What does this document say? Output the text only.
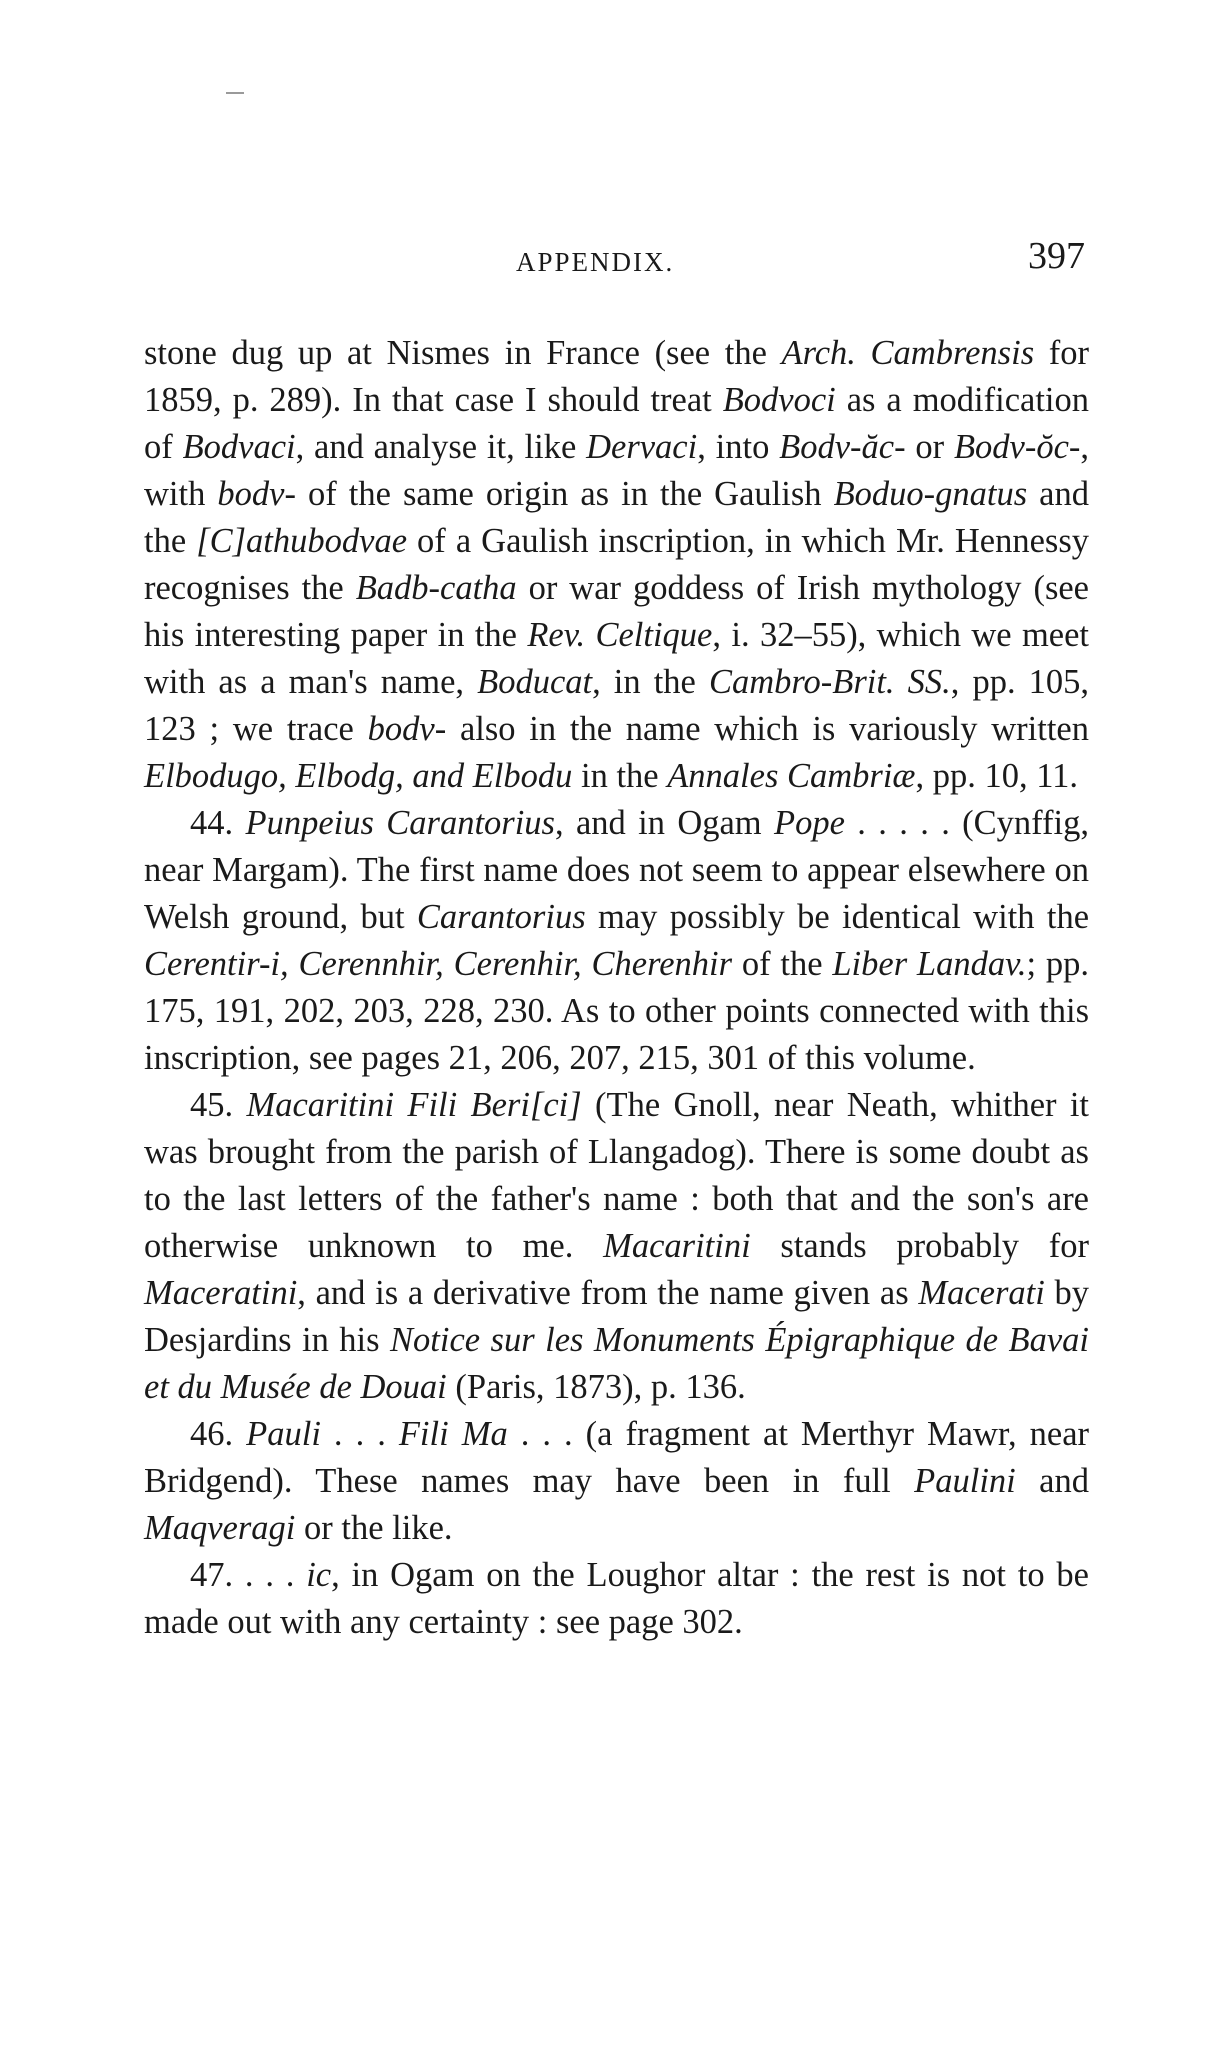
APPENDIX.	397

stone dug up at Nismes in France (see the Arch. Cambrensis for 1859, p. 289). In that case I should treat Bodvoci as a modification of Bodvaci, and analyse it, like Dervaci, into Bodv-ăc- or Bodv-ŏc-, with bodv- of the same origin as in the Gaulish Boduo-gnatus and the [C]athubodvae of a Gaulish inscription, in which Mr. Hennessy recognises the Badb-catha or war goddess of Irish mythology (see his interesting paper in the Rev. Celtique, i. 32–55), which we meet with as a man's name, Boducat, in the Cambro-Brit. SS., pp. 105, 123 ; we trace bodv- also in the name which is variously written Elbodugo, Elbodg, and Elbodu in the Annales Cambriæ, pp. 10, 11.

44. Punpeius Carantorius, and in Ogam Pope . . . . . (Cynffig, near Margam). The first name does not seem to appear elsewhere on Welsh ground, but Carantorius may possibly be identical with the Cerentir-i, Cerennhir, Cerenhir, Cherenhir of the Liber Landav.; pp. 175, 191, 202, 203, 228, 230. As to other points connected with this inscription, see pages 21, 206, 207, 215, 301 of this volume.

45. Macaritini Fili Beri[ci] (The Gnoll, near Neath, whither it was brought from the parish of Llangadog). There is some doubt as to the last letters of the father's name : both that and the son's are otherwise unknown to me. Macaritini stands probably for Maceratini, and is a derivative from the name given as Macerati by Desjardins in his Notice sur les Monuments Épigraphique de Bavai et du Musée de Douai (Paris, 1873), p. 136.

46. Pauli . . . Fili Ma . . . (a fragment at Merthyr Mawr, near Bridgend). These names may have been in full Paulini and Maqveragi or the like.

47. . . . ic, in Ogam on the Loughor altar : the rest is not to be made out with any certainty : see page 302.
